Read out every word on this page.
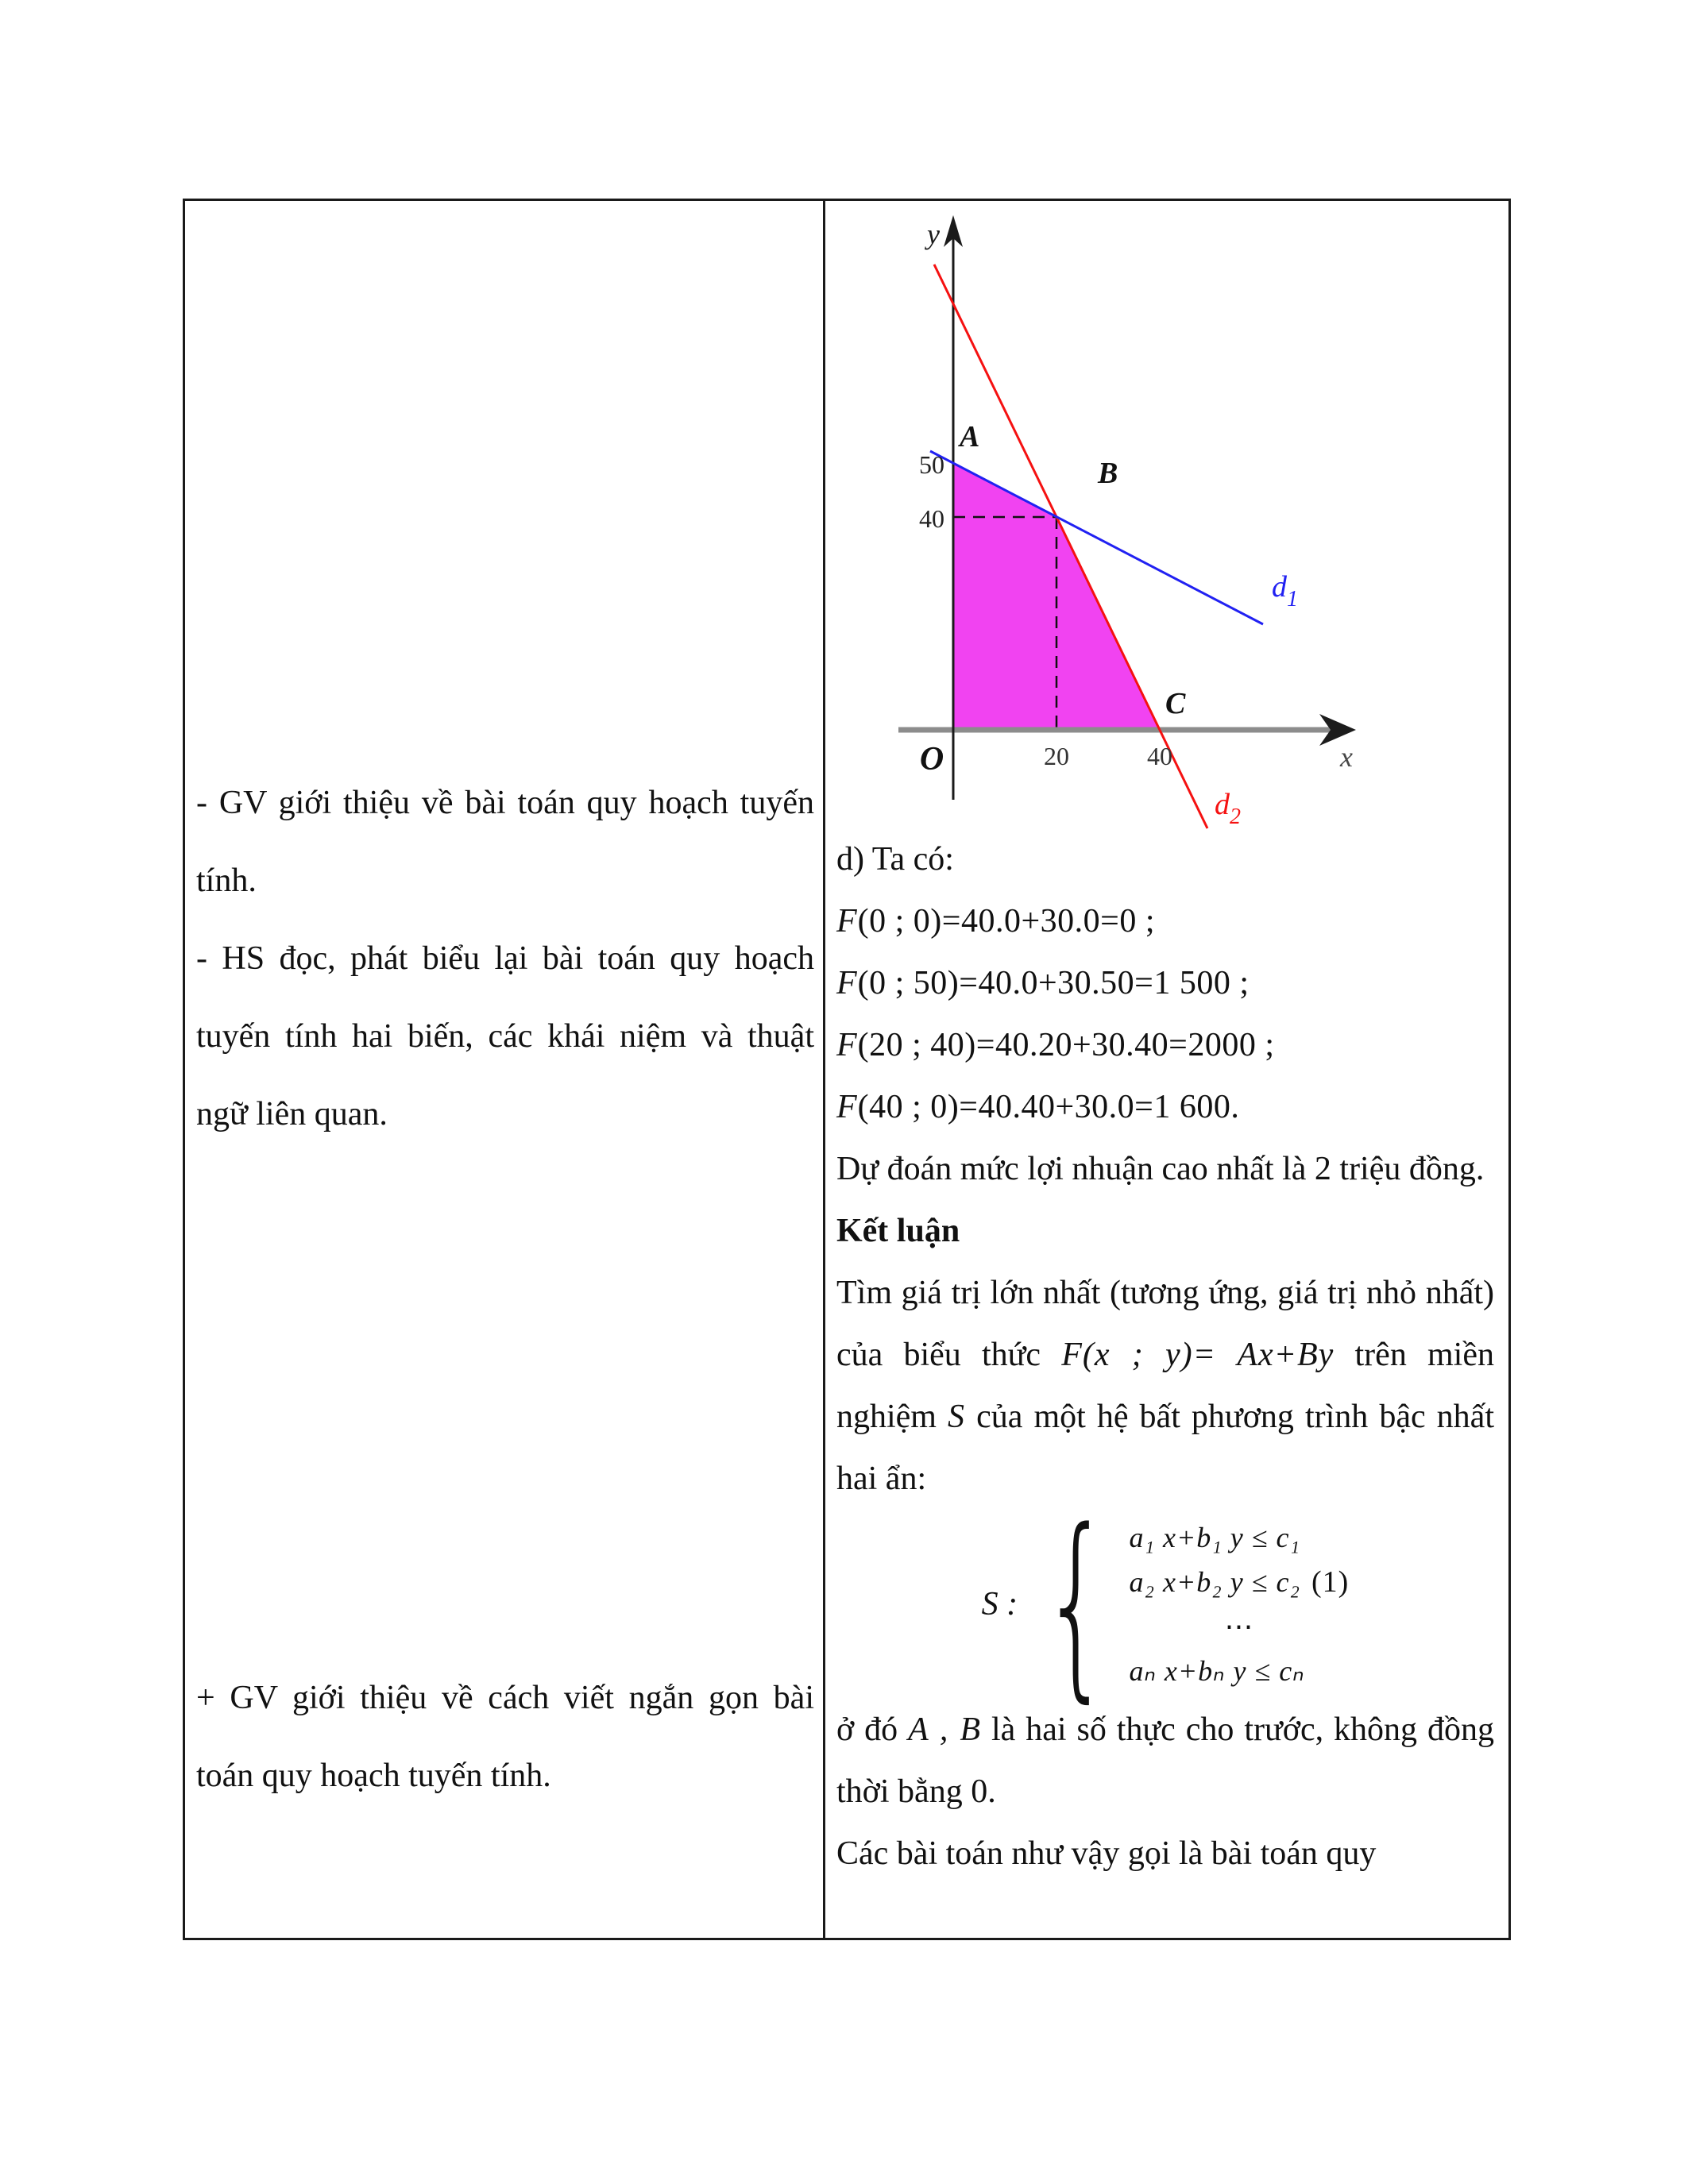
- GV giới thiệu về bài toán quy hoạch tuyến tính.

- HS đọc, phát biểu lại bài toán quy hoạch tuyến tính hai biến, các khái niệm và thuật ngữ liên quan.

+ GV giới thiệu về cách viết ngắn gọn bài toán quy hoạch tuyến tính.

y
x
O
A
B
C
50
40
20	40
$d_1$
$d_2$

d) Ta có:

F(0 ; 0)=40.0+30.0=0 ;

F(0 ; 50)=40.0+30.50=1 500 ;

F(20 ; 40)=40.20+30.40=2000 ;

F(40 ; 0)=40.40+30.0=1 600.

Dự đoán mức lợi nhuận cao nhất là 2 triệu đồng.

Kết luận

Tìm giá trị lớn nhất (tương ứng, giá trị nhỏ nhất) của biểu thức F(x ; y)= Ax+By trên miền nghiệm S của một hệ bất phương trình bậc nhất hai ẩn:

S : { a₁ x+b₁ y ≤ c₁
a₂ x+b₂ y ≤ c₂ (1)
⋯
aₙ x+bₙ y ≤ cₙ

ở đó A , B là hai số thực cho trước, không đồng thời bằng 0.

Các bài toán như vậy gọi là bài toán quy
